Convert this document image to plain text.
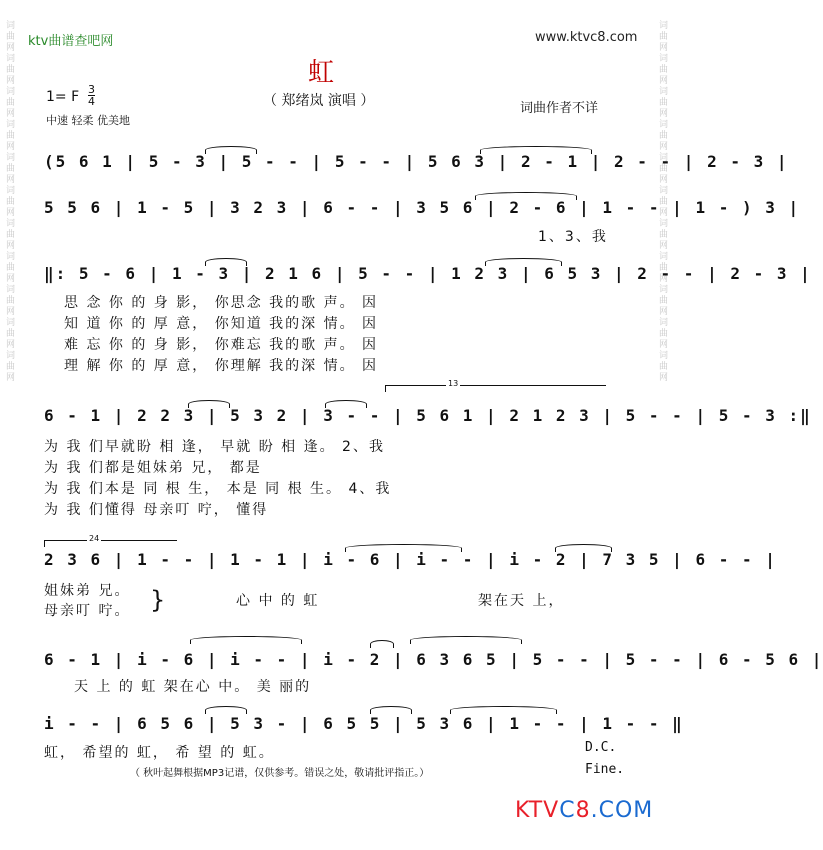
词曲网词曲网词曲网词曲网词曲网词曲网词曲网词曲网词曲网词曲网词曲网	词曲网词曲网词曲网词曲网词曲网词曲网词曲网词曲网词曲网词曲网词曲网
ktv曲谱查吧网	www.ktvc8.com
虹
1= F $\frac{3}{4}$	（ 郑绪岚 演唱 ）	词曲作者不详
中速 轻柔 优美地
(5 6 1 | 5 - 3 | 5 - - | 5 - - | 5 6 3 | 2 - 1 | 2 - - | 2 - 3 |
5 5 6 | 1 - 5 | 3 2 3 | 6 - - | 3 5 6 | 2 - 6 | 1 - - | 1 - ) 3 |
1、3、我
‖: 5 - 6 | 1 - 3 | 2 1 6 | 5 - - | 1 2 3 | 6 5 3 | 2 - - | 2 - 3 |
思 念 你 的 身 影， 你思念 我的歌 声。 因
知 道 你 的 厚 意， 你知道 我的深 情。 因
难 忘 你 的 身 影， 你难忘 我的歌 声。 因
理 解 你 的 厚 意， 你理解 我的深 情。 因
13
6 - 1 | 2 2 3 | 5 3 2 | 3 - - | 5 6 1 | 2 1 2 3 | 5 - - | 5 - 3 :‖
为 我 们早就盼 相 逢， 早就 盼 相 逢。 2、我
为 我 们都是姐妹弟 兄， 都是
为 我 们本是 同 根 生， 本是 同 根 生。 4、我
为 我 们懂得 母亲叮 咛， 懂得
24
2 3 6 | 1 - - | 1 - 1 | i - 6 | i - - | i - 2 | 7 3 5 | 6 - - |
姐妹弟 兄。
母亲叮 咛。 }	心 中 的 虹	架在天 上，
6 - 1 | i - 6 | i - - | i - 2 | 6 3 6 5 | 5 - - | 5 - - | 6 - 5 6 |
天 上 的 虹 架在心 中。 美 丽的
i - - | 6 5 6 | 5 3 - | 6 5 5 | 5 3 6 | 1 - - | 1 - - ‖
虹， 希望的 虹， 希 望 的 虹。	D.C.
Fine.
（ 秋叶起舞根据MP3记谱，仅供参考。错误之处，敬请批评指正。）
KTVC8.COM
